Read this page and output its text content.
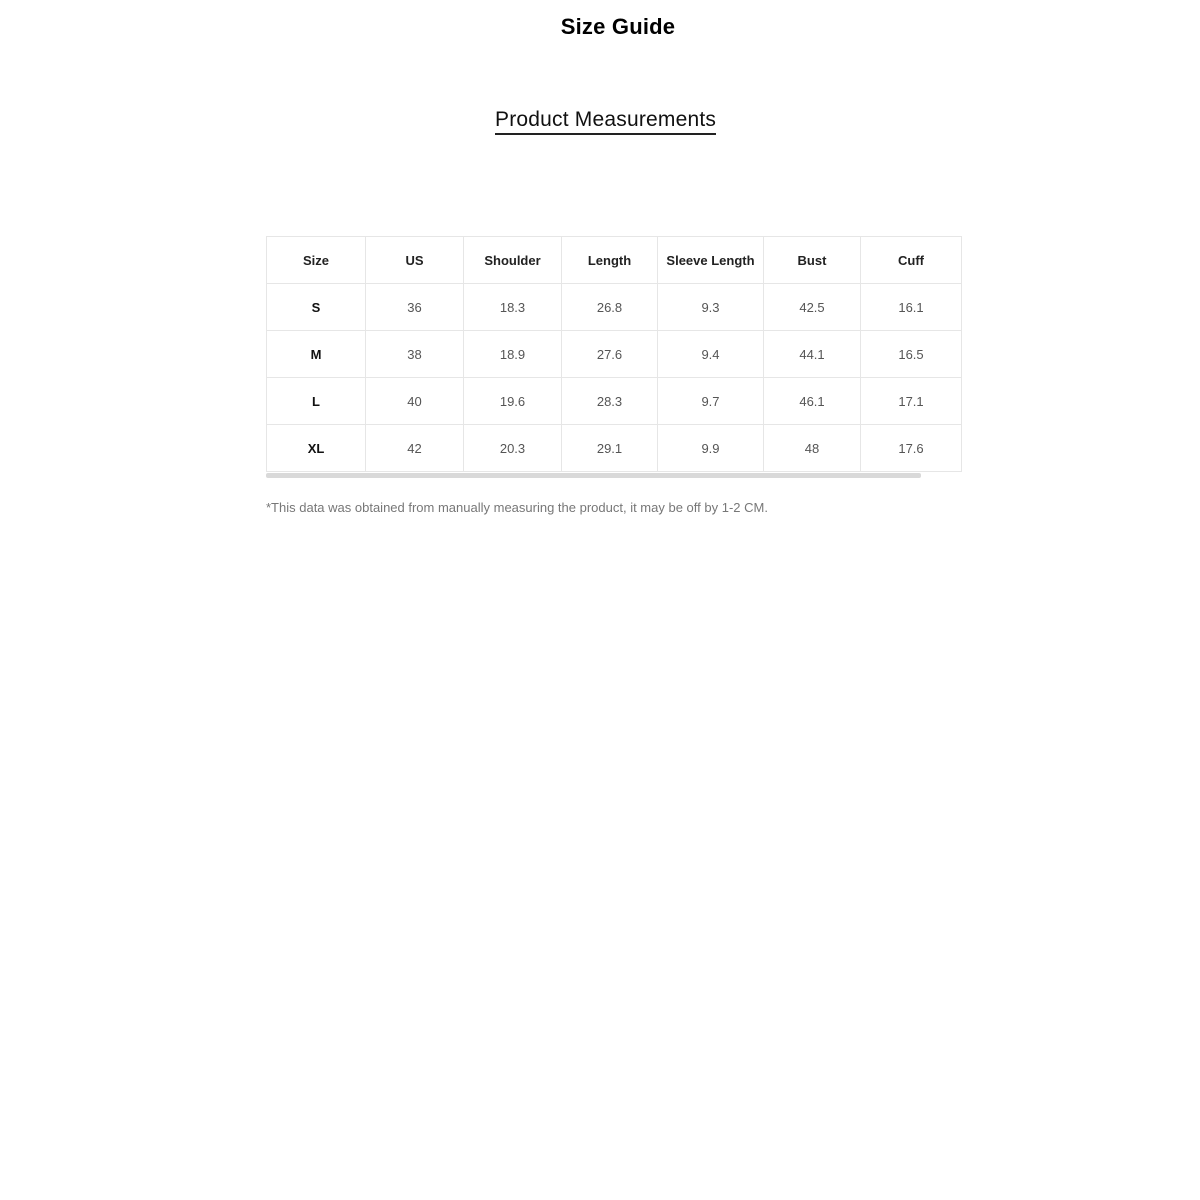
Size Guide
Product Measurements
Size	US	Shoulder	Length	Sleeve Length	Bust	Cuff
S	36	18.3	26.8	9.3	42.5	16.1
M	38	18.9	27.6	9.4	44.1	16.5
L	40	19.6	28.3	9.7	46.1	17.1
XL	42	20.3	29.1	9.9	48	17.6
*This data was obtained from manually measuring the product, it may be off by 1-2 CM.
